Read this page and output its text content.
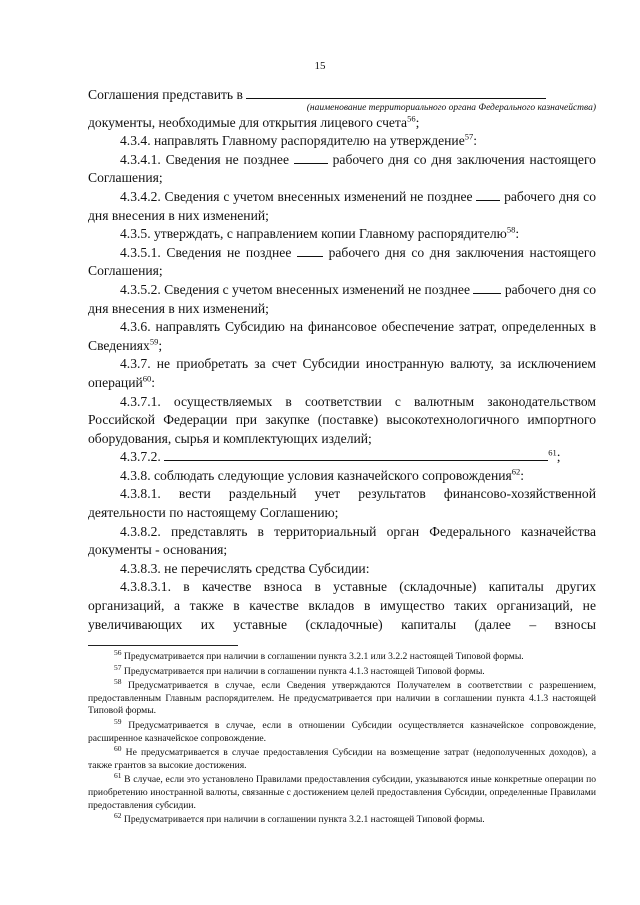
15

Соглашения представить в

(наименование территориального органа Федерального казначейства)

документы, необходимые для открытия лицевого счета$^{56}$;

4.3.4. направлять Главному распорядителю на утверждение$^{57}$:

4.3.4.1. Сведения не позднее	рабочего дня со дня заключения настоящего Соглашения;

4.3.4.2. Сведения с учетом внесенных изменений не позднее рабочего дня со дня внесения в них изменений;

4.3.5. утверждать, с направлением копии Главному распорядителю$^{58}$:

4.3.5.1. Сведения не позднее	рабочего дня со дня заключения настоящего Соглашения;

4.3.5.2. Сведения с учетом внесенных изменений не позднее	рабочего дня со дня внесения в них изменений;

4.3.6. направлять Субсидию на финансовое обеспечение затрат, определенных в Сведениях$^{59}$;

4.3.7. не приобретать за счет Субсидии иностранную валюту, за исключением операций$^{60}$:

4.3.7.1. осуществляемых в соответствии с валютным законодательством Российской Федерации при закупке (поставке) высокотехнологичного импортного оборудования, сырья и комплектующих изделий;

4.3.7.2.	$^{61}$;

4.3.8. соблюдать следующие условия казначейского сопровождения$^{62}$:

4.3.8.1. вести раздельный учет результатов финансово-хозяйственной деятельности по настоящему Соглашению;

4.3.8.2. представлять в территориальный орган Федерального казначейства документы - основания;

4.3.8.3. не перечислять средства Субсидии:

4.3.8.3.1. в качестве взноса в уставные (складочные) капиталы других организаций, а также в качестве вкладов в имущество таких организаций, не увеличивающих их уставные (складочные) капиталы (далее – взносы

$^{56}$ Предусматривается при наличии в соглашении пункта 3.2.1 или 3.2.2 настоящей Типовой формы.

$^{57}$ Предусматривается при наличии в соглашении пункта 4.1.3 настоящей Типовой формы.

$^{58}$ Предусматривается в случае, если Сведения утверждаются Получателем в соответствии с разрешением, предоставленным Главным распорядителем. Не предусматривается при наличии в соглашении пункта 4.1.3 настоящей Типовой формы.

$^{59}$ Предусматривается в случае, если в отношении Субсидии осуществляется казначейское сопровождение, расширенное казначейское сопровождение.

$^{60}$ Не предусматривается в случае предоставления Субсидии на возмещение затрат (недополученных доходов), а также грантов за высокие достижения.

$^{61}$ В случае, если это установлено Правилами предоставления субсидии, указываются иные конкретные операции по приобретению иностранной валюты, связанные с достижением целей предоставления Субсидии, определенные Правилами предоставления субсидии.

$^{62}$ Предусматривается при наличии в соглашении пункта 3.2.1 настоящей Типовой формы.
